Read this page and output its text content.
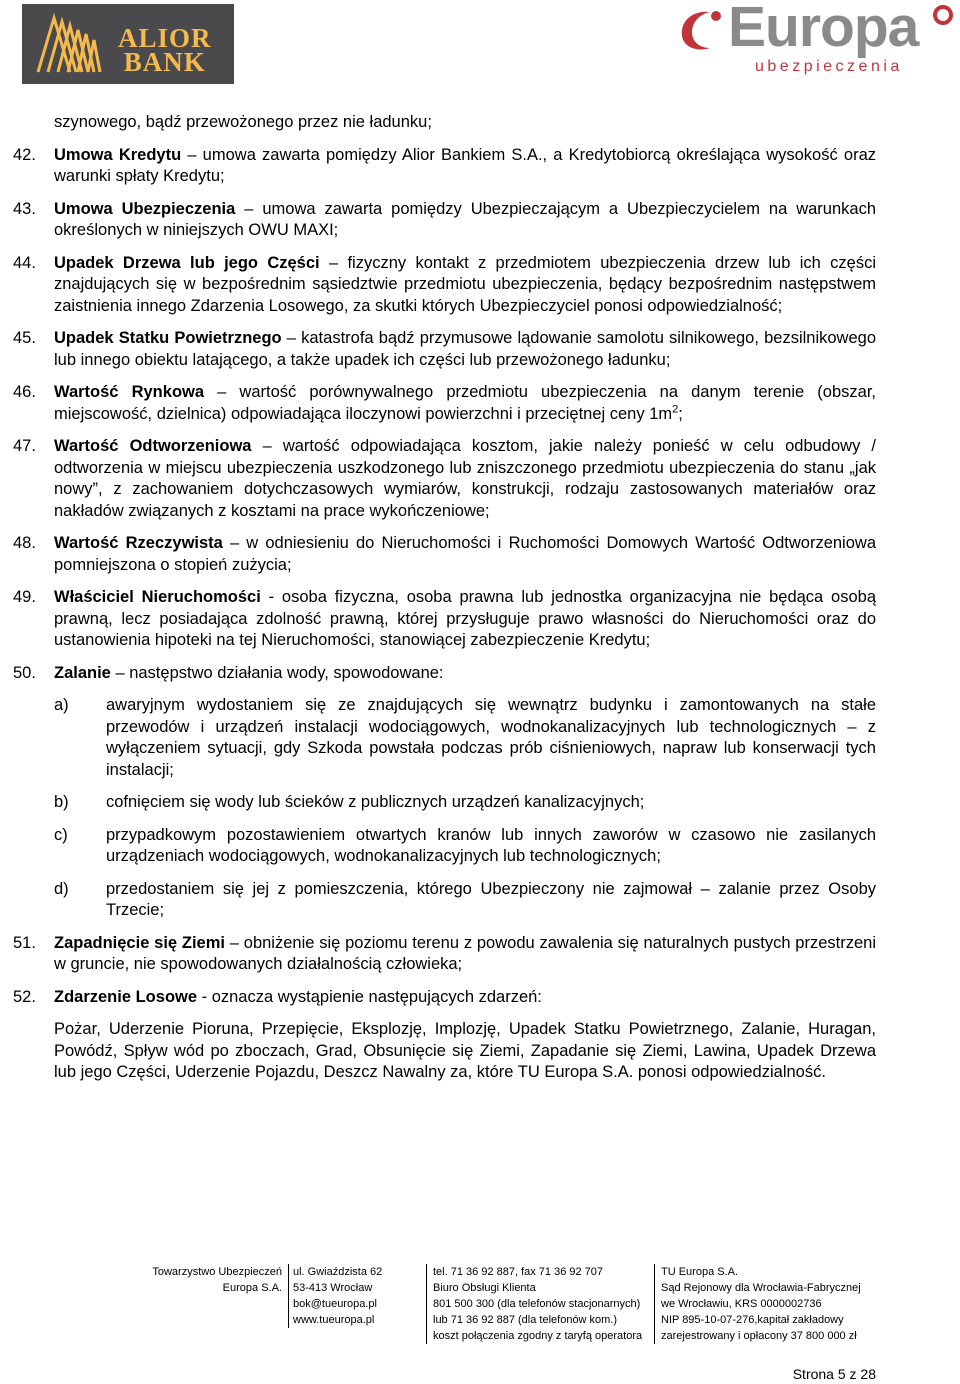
ALIOR
BANK
Europa
ubezpieczenia

szynowego, bądź przewożonego przez nie ładunku;

42. Umowa Kredytu – umowa zawarta pomiędzy Alior Bankiem S.A., a Kredytobiorcą określająca wysokość oraz warunki spłaty Kredytu;

43. Umowa Ubezpieczenia – umowa zawarta pomiędzy Ubezpieczającym a Ubezpieczycielem na warunkach określonych w niniejszych OWU MAXI;

44. Upadek Drzewa lub jego Części – fizyczny kontakt z przedmiotem ubezpieczenia drzew lub ich części znajdujących się w bezpośrednim sąsiedztwie przedmiotu ubezpieczenia, będący bezpośrednim następstwem zaistnienia innego Zdarzenia Losowego, za skutki których Ubezpieczyciel ponosi odpowiedzialność;

45. Upadek Statku Powietrznego – katastrofa bądź przymusowe lądowanie samolotu silnikowego, bezsilnikowego lub innego obiektu latającego, a także upadek ich części lub przewożonego ładunku;

46. Wartość Rynkowa – wartość porównywalnego przedmiotu ubezpieczenia na danym terenie (obszar, miejscowość, dzielnica) odpowiadająca iloczynowi powierzchni i przeciętnej ceny $1m^2$;

47. Wartość Odtworzeniowa – wartość odpowiadająca kosztom, jakie należy ponieść w celu odbudowy / odtworzenia w miejscu ubezpieczenia uszkodzonego lub zniszczonego przedmiotu ubezpieczenia do stanu „jak nowy”, z zachowaniem dotychczasowych wymiarów, konstrukcji, rodzaju zastosowanych materiałów oraz nakładów związanych z kosztami na prace wykończeniowe;

48. Wartość Rzeczywista – w odniesieniu do Nieruchomości i Ruchomości Domowych Wartość Odtworzeniowa pomniejszona o stopień zużycia;

49. Właściciel Nieruchomości - osoba fizyczna, osoba prawna lub jednostka organizacyjna nie będąca osobą prawną, lecz posiadająca zdolność prawną, której przysługuje prawo własności do Nieruchomości oraz do ustanowienia hipoteki na tej Nieruchomości, stanowiącej zabezpieczenie Kredytu;

50. Zalanie – następstwo działania wody, spowodowane:

a) awaryjnym wydostaniem się ze znajdujących się wewnątrz budynku i zamontowanych na stałe przewodów i urządzeń instalacji wodociągowych, wodnokanalizacyjnych lub technologicznych – z wyłączeniem sytuacji, gdy Szkoda powstała podczas prób ciśnieniowych, napraw lub konserwacji tych instalacji;

b) cofnięciem się wody lub ścieków z publicznych urządzeń kanalizacyjnych;

c) przypadkowym pozostawieniem otwartych kranów lub innych zaworów w czasowo nie zasilanych urządzeniach wodociągowych, wodnokanalizacyjnych lub technologicznych;

d) przedostaniem się jej z pomieszczenia, którego Ubezpieczony nie zajmował – zalanie przez Osoby Trzecie;

51. Zapadnięcie się Ziemi – obniżenie się poziomu terenu z powodu zawalenia się naturalnych pustych przestrzeni w gruncie, nie spowodowanych działalnością człowieka;

52. Zdarzenie Losowe - oznacza wystąpienie następujących zdarzeń:

Pożar, Uderzenie Pioruna, Przepięcie, Eksplozję, Implozję, Upadek Statku Powietrznego, Zalanie, Huragan, Powódź, Spływ wód po zboczach, Grad, Obsunięcie się Ziemi, Zapadanie się Ziemi, Lawina, Upadek Drzewa lub jego Części, Uderzenie Pojazdu, Deszcz Nawalny za, które TU Europa S.A. ponosi odpowiedzialność.

Towarzystwo Ubezpieczeń
Europa S.A.
ul. Gwiaździsta 62
53-413 Wrocław
bok@tueuropa.pl
www.tueuropa.pl
tel. 71 36 92 887, fax 71 36 92 707
Biuro Obsługi Klienta
801 500 300 (dla telefonów stacjonarnych)
lub 71 36 92 887 (dla telefonów kom.)
koszt połączenia zgodny z taryfą operatora
TU Europa S.A.
Sąd Rejonowy dla Wrocławia-Fabrycznej
we Wrocławiu, KRS 0000002736
NIP 895-10-07-276,kapitał zakładowy
zarejestrowany i opłacony 37 800 000 zł
Strona 5 z 28
